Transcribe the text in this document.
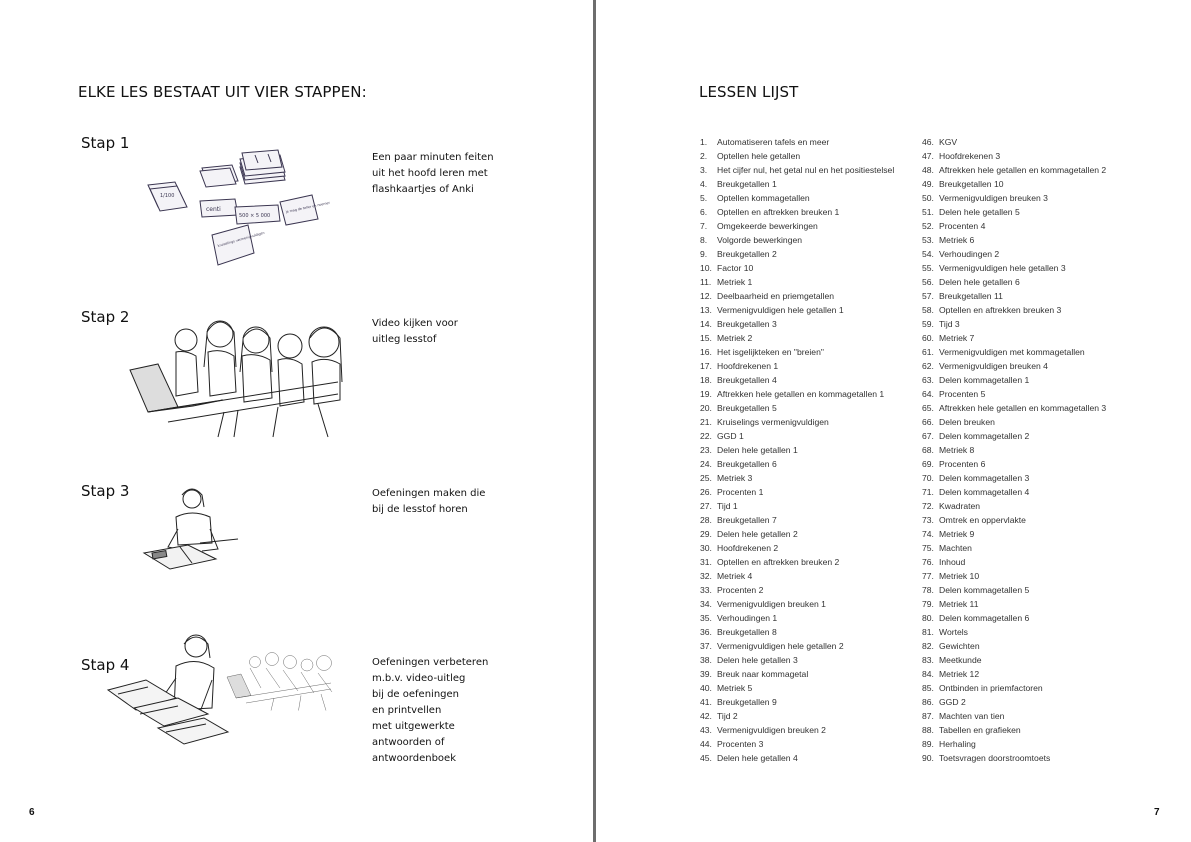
ELKE LES BESTAAT UIT VIER STAPPEN:
Stap 1
1/100
centi
500 × 5 000
je mag de teller en noemer
kruiselings vermenigvuldigen
Een paar minuten feiten
uit het hoofd leren met
flashkaartjes of Anki
Stap 2	Video kijken voor
uitleg lesstof
Stap 3	Oefeningen maken die
bij de lesstof horen
Stap 4	Oefeningen verbeteren
m.b.v. video-uitleg
bij de oefeningen
en printvellen
met uitgewerkte
antwoorden of
antwoordenboek
6
LESSEN LIJST
1.	Automatiseren tafels en meer
2.	Optellen hele getallen
3.	Het cijfer nul, het getal nul en het positiestelsel
4.	Breukgetallen 1
5.	Optellen kommagetallen
6.	Optellen en aftrekken breuken 1
7.	Omgekeerde bewerkingen
8.	Volgorde bewerkingen
9.	Breukgetallen 2
10. Factor 10
11. Metriek 1
12. Deelbaarheid en priemgetallen
13. Vermenigvuldigen hele getallen 1
14. Breukgetallen 3
15. Metriek 2
16. Het isgelijkteken en "breien"
17. Hoofdrekenen 1
18. Breukgetallen 4
19. Aftrekken hele getallen en kommagetallen 1
20. Breukgetallen 5
21. Kruiselings vermenigvuldigen
22. GGD 1
23. Delen hele getallen 1
24. Breukgetallen 6
25. Metriek 3
26. Procenten 1
27. Tijd 1
28. Breukgetallen 7
29. Delen hele getallen 2
30. Hoofdrekenen 2
31. Optellen en aftrekken breuken 2
32. Metriek 4
33. Procenten 2
34. Vermenigvuldigen breuken 1
35. Verhoudingen 1
36. Breukgetallen 8
37. Vermenigvuldigen hele getallen 2
38. Delen hele getallen 3
39. Breuk naar kommagetal
40. Metriek 5
41. Breukgetallen 9
42. Tijd 2
43. Vermenigvuldigen breuken 2
44. Procenten 3
45. Delen hele getallen 4
46. KGV
47. Hoofdrekenen 3
48. Aftrekken hele getallen en kommagetallen 2
49. Breukgetallen 10
50. Vermenigvuldigen breuken 3
51. Delen hele getallen 5
52. Procenten 4
53. Metriek 6
54. Verhoudingen 2
55. Vermenigvuldigen hele getallen 3
56. Delen hele getallen 6
57. Breukgetallen 11
58. Optellen en aftrekken breuken 3
59. Tijd 3
60. Metriek 7
61. Vermenigvuldigen met kommagetallen
62. Vermenigvuldigen breuken 4
63. Delen kommagetallen 1
64. Procenten 5
65. Aftrekken hele getallen en kommagetallen 3
66. Delen breuken
67. Delen kommagetallen 2
68. Metriek 8
69. Procenten 6
70. Delen kommagetallen 3
71. Delen kommagetallen 4
72. Kwadraten
73. Omtrek en oppervlakte
74. Metriek 9
75. Machten
76. Inhoud
77. Metriek 10
78. Delen kommagetallen 5
79. Metriek 11
80. Delen kommagetallen 6
81. Wortels
82. Gewichten
83. Meetkunde
84. Metriek 12
85. Ontbinden in priemfactoren
86. GGD 2
87. Machten van tien
88. Tabellen en grafieken
89. Herhaling
90. Toetsvragen doorstroomtoets
7
